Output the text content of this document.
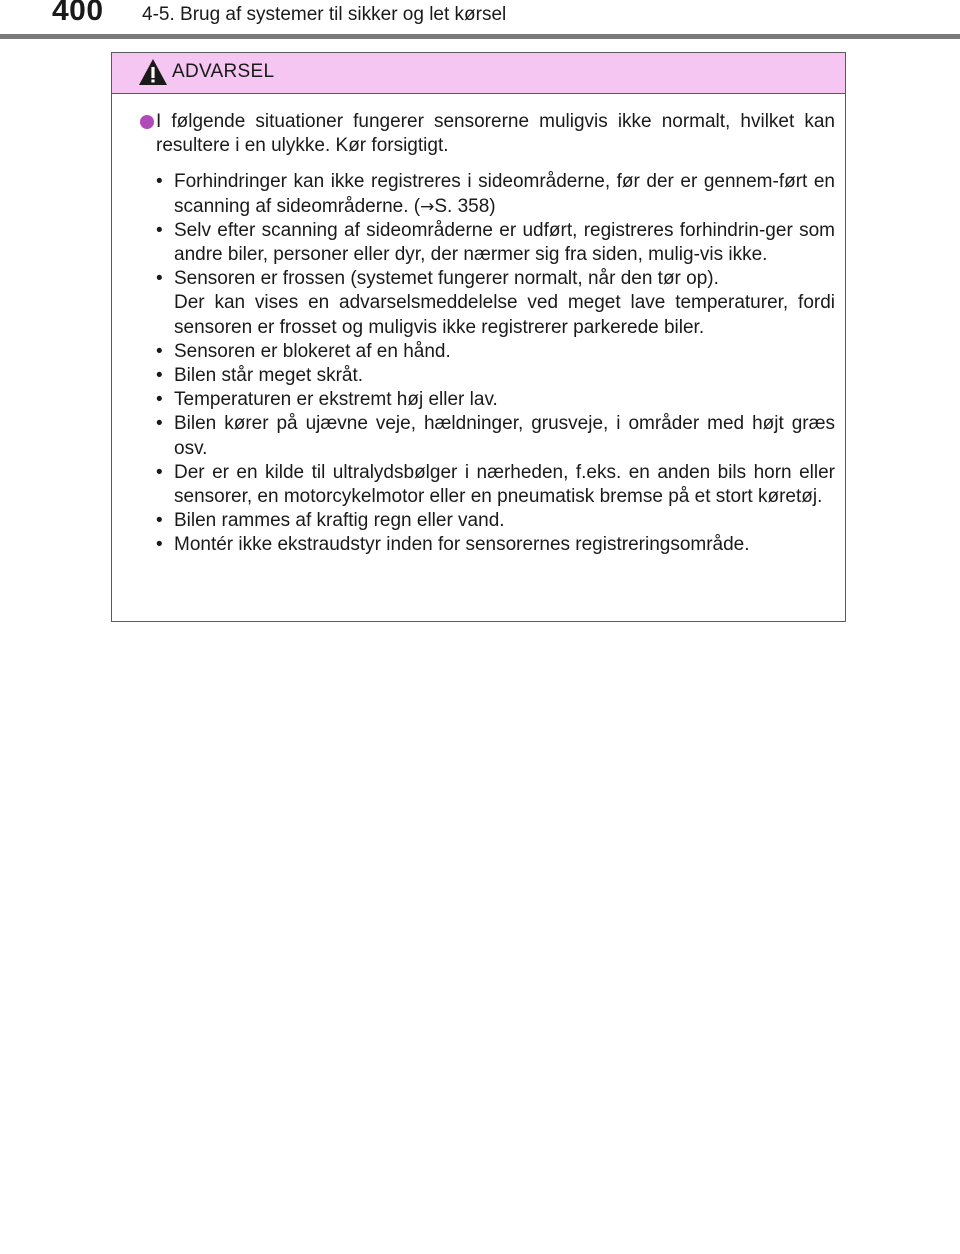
400 4-5. Brug af systemer til sikker og let kørsel
ADVARSEL

I følgende situationer fungerer sensorerne muligvis ikke normalt, hvilket kan resultere i en ulykke. Kør forsigtigt.

• Forhindringer kan ikke registreres i sideområderne, før der er gennem-ført en scanning af sideområderne. (→S. 358)
• Selv efter scanning af sideområderne er udført, registreres forhindrin-ger som andre biler, personer eller dyr, der nærmer sig fra siden, mulig-vis ikke.
• Sensoren er frossen (systemet fungerer normalt, når den tør op).
Der kan vises en advarselsmeddelelse ved meget lave temperaturer, fordi sensoren er frosset og muligvis ikke registrerer parkerede biler.
• Sensoren er blokeret af en hånd.
• Bilen står meget skråt.
• Temperaturen er ekstremt høj eller lav.
• Bilen kører på ujævne veje, hældninger, grusveje, i områder med højt græs osv.
• Der er en kilde til ultralydsbølger i nærheden, f.eks. en anden bils horn eller sensorer, en motorcykelmotor eller en pneumatisk bremse på et stort køretøj.
• Bilen rammes af kraftig regn eller vand.
• Montér ikke ekstraudstyr inden for sensorernes registreringsområde.
